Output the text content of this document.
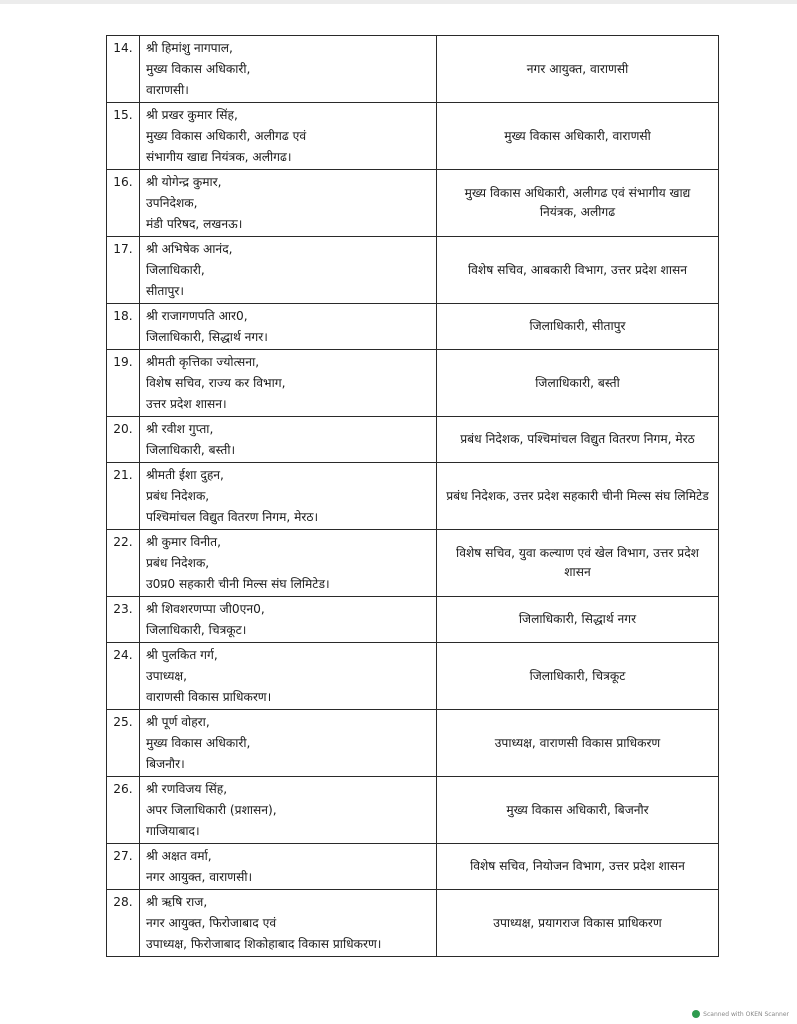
14.	श्री हिमांशु नागपाल,
मुख्य विकास अधिकारी,
वाराणसी।	नगर आयुक्त, वाराणसी
15.	श्री प्रखर कुमार सिंह,
मुख्य विकास अधिकारी, अलीगढ एवं
संभागीय खाद्य नियंत्रक, अलीगढ।	मुख्य विकास अधिकारी, वाराणसी
16.	श्री योगेन्द्र कुमार,
उपनिदेशक,
मंडी परिषद, लखनऊ।	मुख्य विकास अधिकारी, अलीगढ एवं संभागीय खाद्य नियंत्रक, अलीगढ
17.	श्री अभिषेक आनंद,
जिलाधिकारी,
सीतापुर।	विशेष सचिव, आबकारी विभाग, उत्तर प्रदेश शासन
18.	श्री राजागणपति आर0,
जिलाधिकारी, सिद्धार्थ नगर।	जिलाधिकारी, सीतापुर
19.	श्रीमती कृत्तिका ज्योत्सना,
विशेष सचिव, राज्य कर विभाग,
उत्तर प्रदेश शासन।	जिलाधिकारी, बस्ती
20.	श्री रवीश गुप्ता,
जिलाधिकारी, बस्ती।	प्रबंध निदेशक, पश्चिमांचल विद्युत वितरण निगम, मेरठ
21.	श्रीमती ईशा दुहन,
प्रबंध निदेशक,
पश्चिमांचल विद्युत वितरण निगम, मेरठ।	प्रबंध निदेशक, उत्तर प्रदेश सहकारी चीनी मिल्स संघ लिमिटेड
22.	श्री कुमार विनीत,
प्रबंध निदेशक,
उ0प्र0 सहकारी चीनी मिल्स संघ लिमिटेड।	विशेष सचिव, युवा कल्याण एवं खेल विभाग, उत्तर प्रदेश शासन
23.	श्री शिवशरणप्पा जी0एन0,
जिलाधिकारी, चित्रकूट।	जिलाधिकारी, सिद्धार्थ नगर
24.	श्री पुलकित गर्ग,
उपाध्यक्ष,
वाराणसी विकास प्राधिकरण।	जिलाधिकारी, चित्रकूट
25.	श्री पूर्ण वोहरा,
मुख्य विकास अधिकारी,
बिजनौर।	उपाध्यक्ष, वाराणसी विकास प्राधिकरण
26.	श्री रणविजय सिंह,
अपर जिलाधिकारी (प्रशासन),
गाजियाबाद।	मुख्य विकास अधिकारी, बिजनौर
27.	श्री अक्षत वर्मा,
नगर आयुक्त, वाराणसी।	विशेष सचिव, नियोजन विभाग, उत्तर प्रदेश शासन
28.	श्री ऋषि राज,
नगर आयुक्त, फिरोजाबाद एवं
उपाध्यक्ष, फिरोजाबाद शिकोहाबाद विकास प्राधिकरण।	उपाध्यक्ष, प्रयागराज विकास प्राधिकरण
Scanned with OKEN Scanner
